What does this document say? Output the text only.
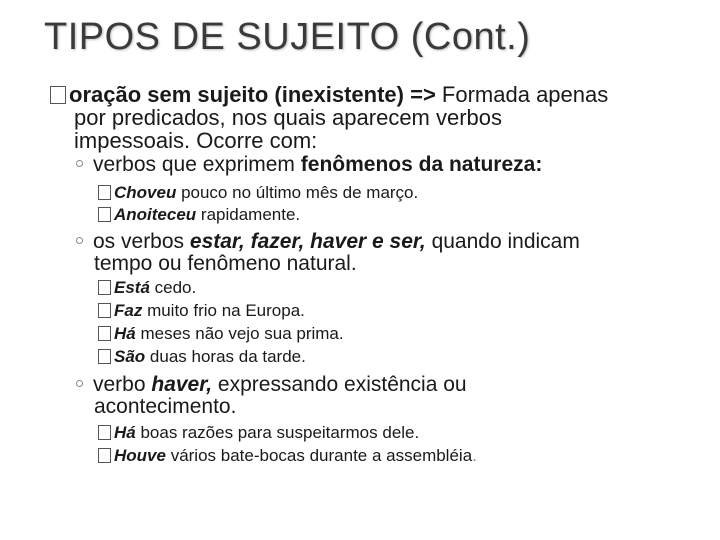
TIPOS DE SUJEITO (Cont.)
oração sem sujeito (inexistente) => Formada apenas
por predicados, nos quais aparecem verbos
impessoais. Ocorre com:
verbos que exprimem fenômenos da natureza:
Choveu pouco no último mês de março.
Anoiteceu rapidamente.
os verbos estar, fazer, haver e ser, quando indicam
tempo ou fenômeno natural.
Está cedo.
Faz muito frio na Europa.
Há meses não vejo sua prima.
São duas horas da tarde.
verbo haver, expressando existência ou
acontecimento.
Há boas razões para suspeitarmos dele.
Houve vários bate-bocas durante a assembléia.
